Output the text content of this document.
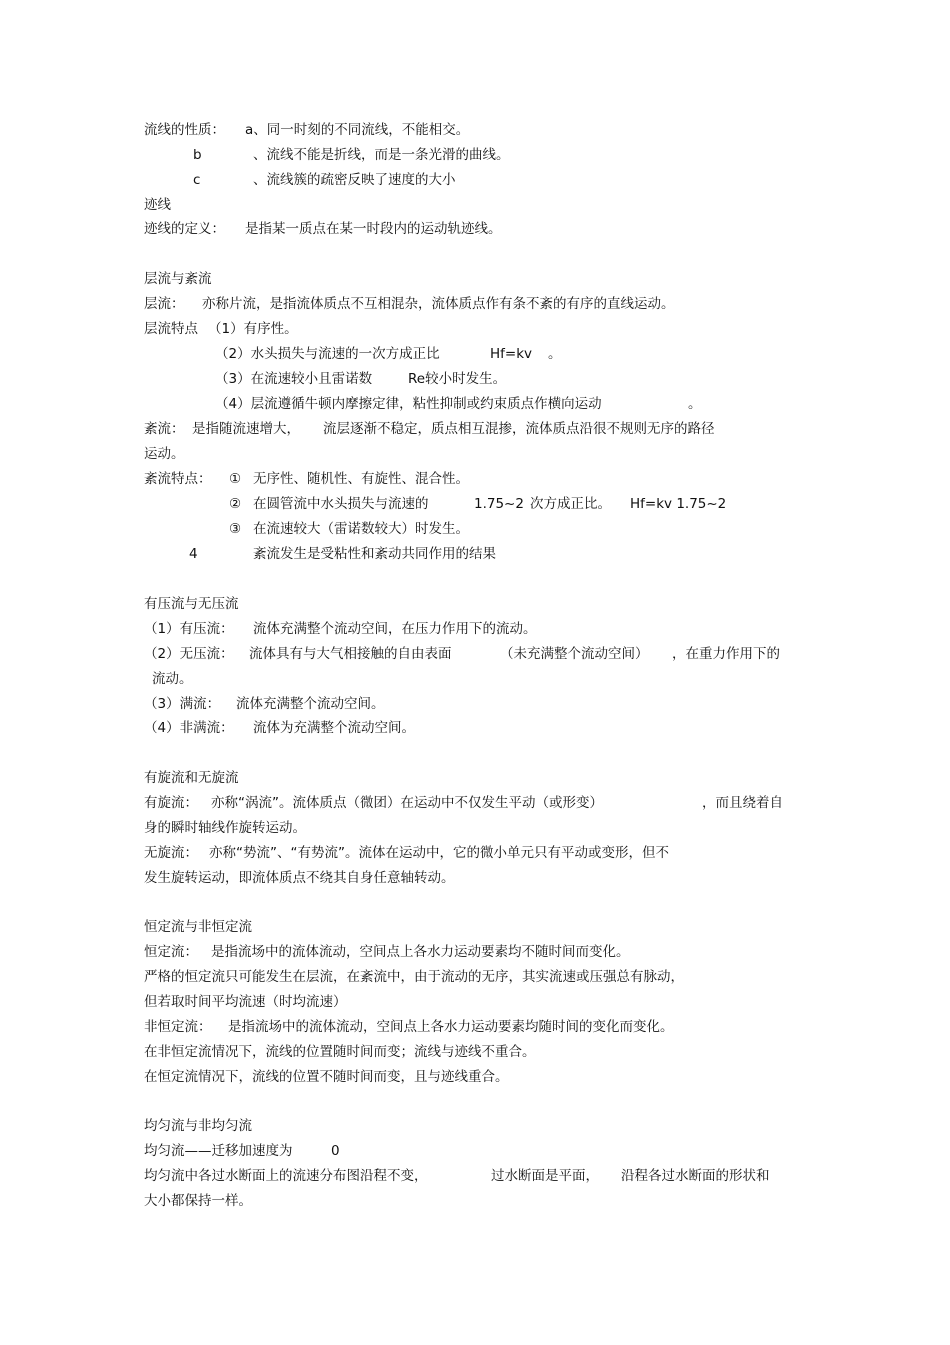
流线的性质： a、同一时刻的不同流线，不能相交。
b	、流线不能是折线，而是一条光滑的曲线。
c	、流线簇的疏密反映了速度的大小
迹线
迹线的定义： 是指某一质点在某一时段内的运动轨迹线。
层流与紊流
层流： 亦称片流，是指流体质点不互相混杂，流体质点作有条不紊的有序的直线运动。
层流特点 （1）有序性。
（2）水头损失与流速的一次方成正比	Hf=kv 。
（3）在流速较小且雷诺数	Re较小时发生。
（4）层流遵循牛顿内摩擦定律，粘性抑制或约束质点作横向运动	。
紊流： 是指随流速增大， 流层逐渐不稳定，质点相互混掺，流体质点沿很不规则无序的路径
运动。
紊流特点： ① 无序性、随机性、有旋性、混合性。
② 在圆管流中水头损失与流速的	1.75~2 次方成正比。 Hf=kv 1.75~2
③ 在流速较大（雷诺数较大）时发生。
4	紊流发生是受粘性和紊动共同作用的结果
有压流与无压流
（1）有压流： 流体充满整个流动空间，在压力作用下的流动。
（2）无压流： 流体具有与大气相接触的自由表面	（未充满整个流动空间） ，在重力作用下的
流动。
（3）满流： 流体充满整个流动空间。
（4）非满流： 流体为充满整个流动空间。
有旋流和无旋流
有旋流： 亦称“涡流”。流体质点（微团）在运动中不仅发生平动（或形变）	，而且绕着自
身的瞬时轴线作旋转运动。
无旋流： 亦称“势流”、“有势流”。流体在运动中，它的微小单元只有平动或变形，但不
发生旋转运动，即流体质点不绕其自身任意轴转动。
恒定流与非恒定流
恒定流： 是指流场中的流体流动，空间点上各水力运动要素均不随时间而变化。
严格的恒定流只可能发生在层流，在紊流中，由于流动的无序，其实流速或压强总有脉动，
但若取时间平均流速（时均流速）
非恒定流： 是指流场中的流体流动，空间点上各水力运动要素均随时间的变化而变化。
在非恒定流情况下，流线的位置随时间而变；流线与迹线不重合。
在恒定流情况下，流线的位置不随时间而变，且与迹线重合。
均匀流与非均匀流
均匀流——迁移加速度为	0
均匀流中各过水断面上的流速分布图沿程不变，	过水断面是平面， 沿程各过水断面的形状和
大小都保持一样。
